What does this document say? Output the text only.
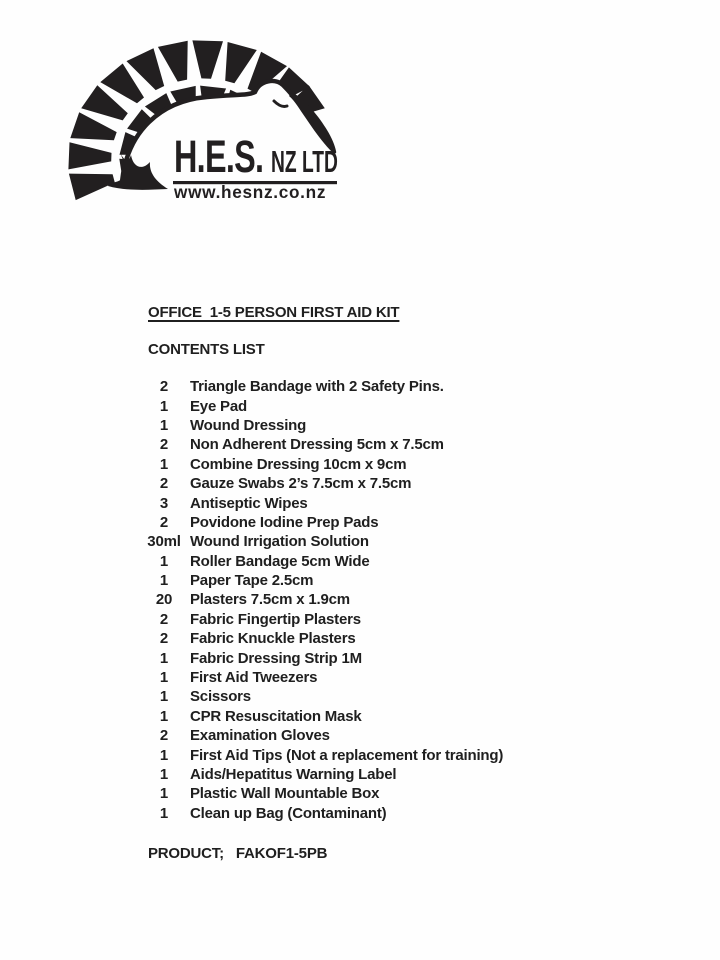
H.E.S. NZ LTD
www.hesnz.co.nz
OFFICE  1-5 PERSON FIRST AID KIT
CONTENTS LIST
2	Triangle Bandage with 2 Safety Pins.
1	Eye Pad
1	Wound Dressing
2	Non Adherent Dressing 5cm x 7.5cm
1	Combine Dressing 10cm x 9cm
2	Gauze Swabs 2’s 7.5cm x 7.5cm
3	Antiseptic Wipes
2	Povidone Iodine Prep Pads
30ml Wound Irrigation Solution
1	Roller Bandage 5cm Wide
1	Paper Tape 2.5cm
20	Plasters 7.5cm x 1.9cm
2	Fabric Fingertip Plasters
2	Fabric Knuckle Plasters
1	Fabric Dressing Strip 1M
1	First Aid Tweezers
1	Scissors
1	CPR Resuscitation Mask
2	Examination Gloves
1	First Aid Tips (Not a replacement for training)
1	Aids/Hepatitus Warning Label
1	Plastic Wall Mountable Box
1	Clean up Bag (Contaminant)
PRODUCT; FAKOF1-5PB
